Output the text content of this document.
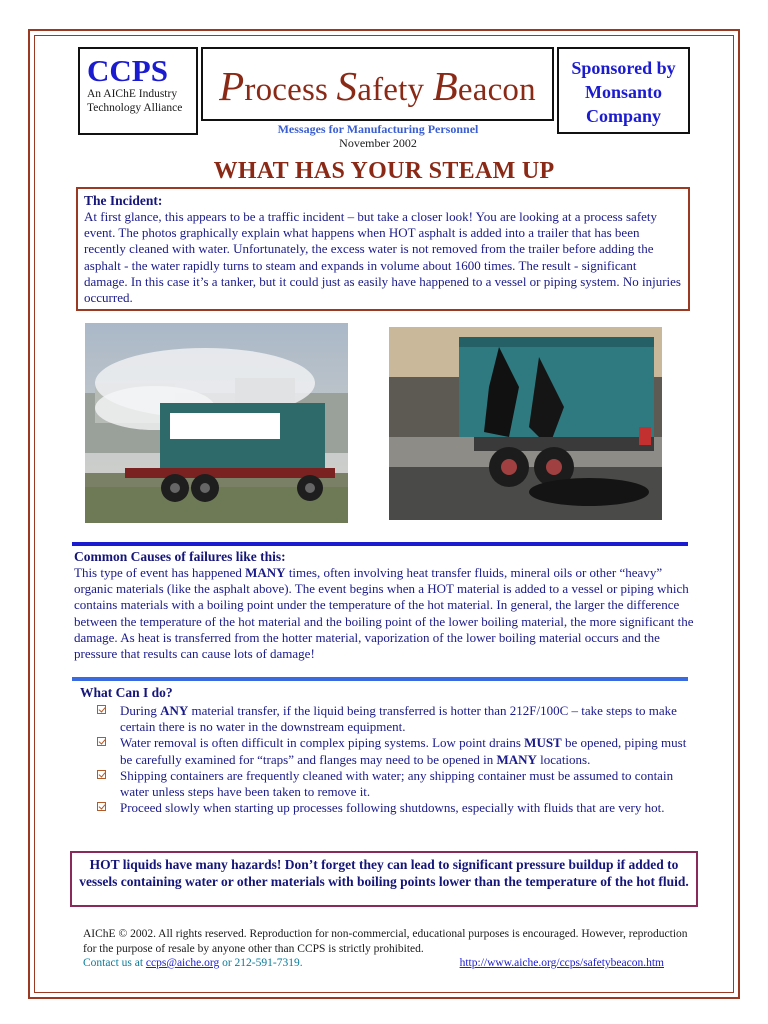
CCPS
An AIChE Industry
Technology Alliance Process Safety Beacon
Sponsored by
Monsanto
Company
Messages for Manufacturing Personnel
November 2002
WHAT HAS YOUR STEAM UP
The Incident:
At first glance, this appears to be a traffic incident – but take a closer look! You are looking at a process safety event. The photos graphically explain what happens when HOT asphalt is added into a trailer that has been recently cleaned with water. Unfortunately, the excess water is not removed from the trailer before adding the asphalt - the water rapidly turns to steam and expands in volume about 1600 times. The result - significant damage. In this case it’s a tanker, but it could just as easily have happened to a vessel or piping system. No injuries occurred.
Common Causes of failures like this:
This type of event has happened MANY times, often involving heat transfer fluids, mineral oils or other “heavy” organic materials (like the asphalt above). The event begins when a HOT material is added to a vessel or piping which contains materials with a boiling point under the temperature of the hot material. In general, the larger the difference between the temperature of the hot material and the boiling point of the lower boiling material, the more significant the damage. As heat is transferred from the hotter material, vaporization of the lower boiling material occurs and the pressure that results can cause lots of damage!
What Can I do?
During ANY material transfer, if the liquid being transferred is hotter than 212F/100C – take steps to make certain there is no water in the downstream equipment.
Water removal is often difficult in complex piping systems. Low point drains MUST be opened, piping must be carefully examined for “traps” and flanges may need to be opened in MANY locations.
Shipping containers are frequently cleaned with water; any shipping container must be assumed to contain water unless steps have been taken to remove it.
Proceed slowly when starting up processes following shutdowns, especially with fluids that are very hot.
HOT liquids have many hazards! Don’t forget they can lead to significant pressure buildup if added to vessels containing water or other materials with boiling points lower than the temperature of the hot fluid.
AIChE © 2002. All rights reserved. Reproduction for non-commercial, educational purposes is encouraged. However, reproduction for the purpose of resale by anyone other than CCPS is strictly prohibited.
Contact us at ccps@aiche.org or 212-591-7319.	http://www.aiche.org/ccps/safetybeacon.htm
